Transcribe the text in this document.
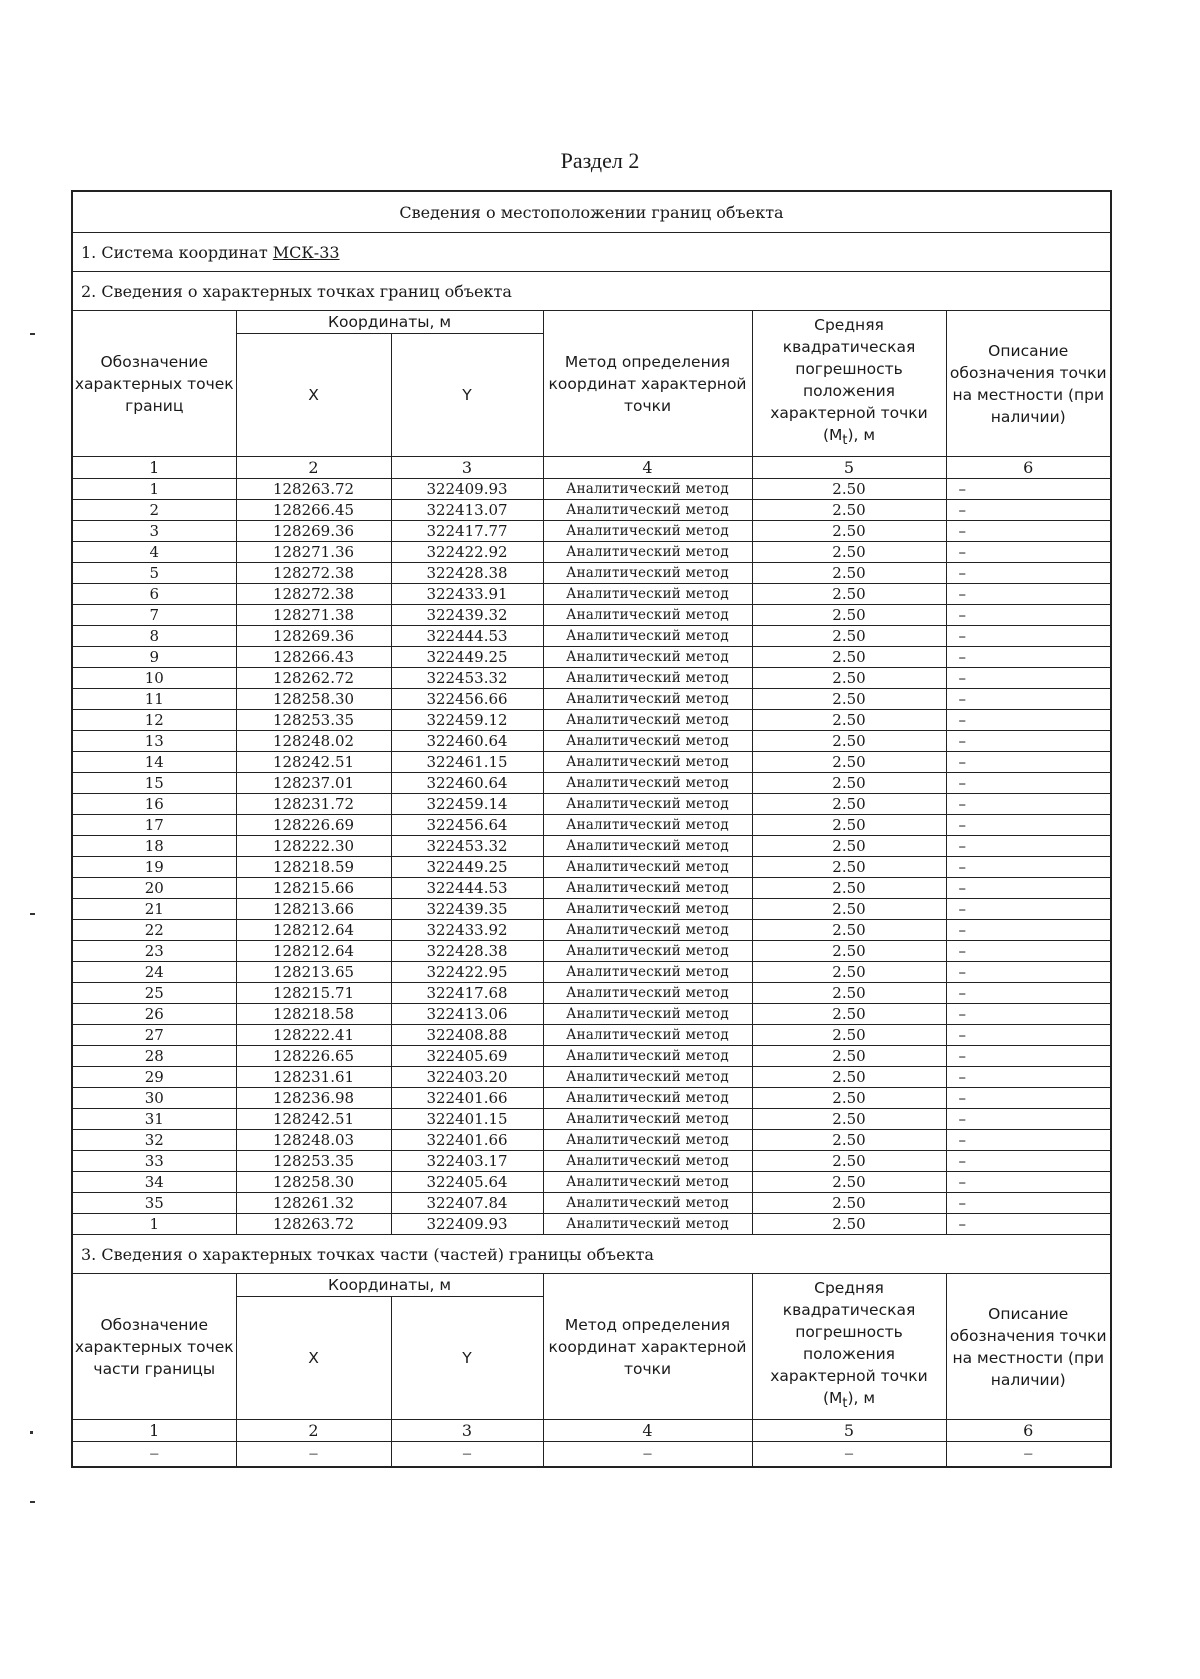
Раздел 2
Сведения о местоположении границ объекта					
1. Система координат МСК-33					
2. Сведения о характерных точках границ объекта					
Обозначение характерных точек границ	Координаты, м		Метод определения координат характерной точки	Средняя квадратическая погрешность положения характерной точки $(M_t)$, м	Описание обозначения точки на местности (при наличии)
	X	Y			
1	2	3	4	5	6
1	128263.72	322409.93	Аналитический метод	2.50	–
2	128266.45	322413.07	Аналитический метод	2.50	–
3	128269.36	322417.77	Аналитический метод	2.50	–
4	128271.36	322422.92	Аналитический метод	2.50	–
5	128272.38	322428.38	Аналитический метод	2.50	–
6	128272.38	322433.91	Аналитический метод	2.50	–
7	128271.38	322439.32	Аналитический метод	2.50	–
8	128269.36	322444.53	Аналитический метод	2.50	–
9	128266.43	322449.25	Аналитический метод	2.50	–
10	128262.72	322453.32	Аналитический метод	2.50	–
11	128258.30	322456.66	Аналитический метод	2.50	–
12	128253.35	322459.12	Аналитический метод	2.50	–
13	128248.02	322460.64	Аналитический метод	2.50	–
14	128242.51	322461.15	Аналитический метод	2.50	–
15	128237.01	322460.64	Аналитический метод	2.50	–
16	128231.72	322459.14	Аналитический метод	2.50	–
17	128226.69	322456.64	Аналитический метод	2.50	–
18	128222.30	322453.32	Аналитический метод	2.50	–
19	128218.59	322449.25	Аналитический метод	2.50	–
20	128215.66	322444.53	Аналитический метод	2.50	–
21	128213.66	322439.35	Аналитический метод	2.50	–
22	128212.64	322433.92	Аналитический метод	2.50	–
23	128212.64	322428.38	Аналитический метод	2.50	–
24	128213.65	322422.95	Аналитический метод	2.50	–
25	128215.71	322417.68	Аналитический метод	2.50	–
26	128218.58	322413.06	Аналитический метод	2.50	–
27	128222.41	322408.88	Аналитический метод	2.50	–
28	128226.65	322405.69	Аналитический метод	2.50	–
29	128231.61	322403.20	Аналитический метод	2.50	–
30	128236.98	322401.66	Аналитический метод	2.50	–
31	128242.51	322401.15	Аналитический метод	2.50	–
32	128248.03	322401.66	Аналитический метод	2.50	–
33	128253.35	322403.17	Аналитический метод	2.50	–
34	128258.30	322405.64	Аналитический метод	2.50	–
35	128261.32	322407.84	Аналитический метод	2.50	–
1	128263.72	322409.93	Аналитический метод	2.50	–
3. Сведения о характерных точках части (частей) границы объекта					
Обозначение характерных точек части границы	Координаты, м		Метод определения координат характерной точки	Средняя квадратическая погрешность положения характерной точки $(M_t)$, м	Описание обозначения точки на местности (при наличии)
	X	Y			
1	2	3	4	5	6
–	–	–	–	–	–
